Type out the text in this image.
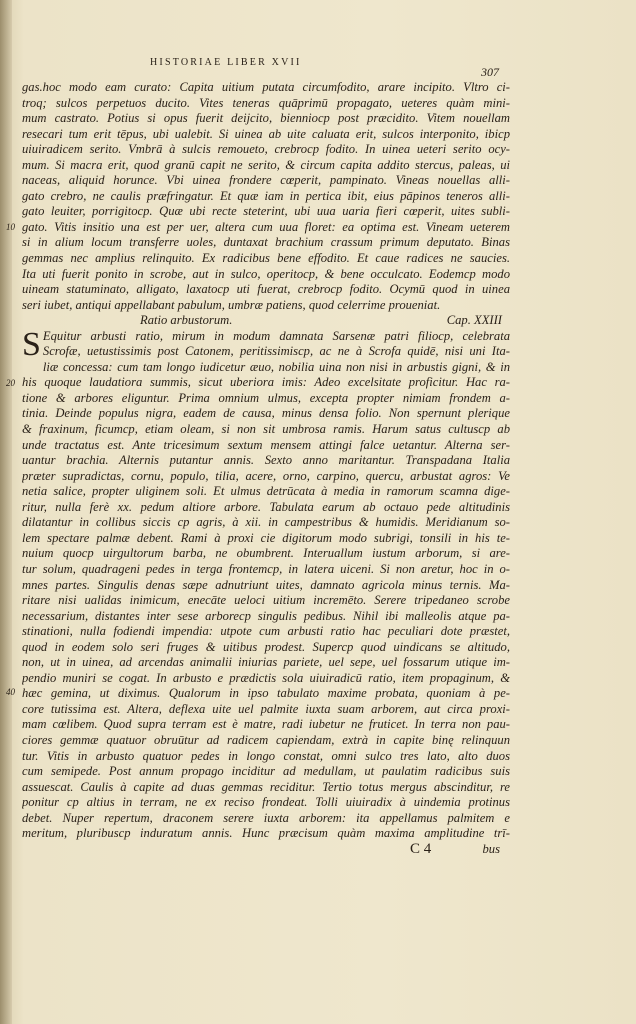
HISTORIAE LIBER XVII
307
10
20
40
gas.hoc modo eam curato: Capita uitium putata circumfodito, arare incipito. Vltro ci-
troq; sulcos perpetuos ducito. Vites teneras quāprimū propagato, ueteres quàm mini-
mum castrato. Potius si opus fuerit deijcito, bienniocp post præcidito. Vitem nouellam
resecari tum erit tēpus, ubi ualebit. Si uinea ab uite caluata erit, sulcos interponito, ibicp
uiuiradicem serito. Vmbrā à sulcis remoueto, crebrocp fodito. In uinea ueteri serito ocy-
mum. Si macra erit, quod granū capit ne serito, & circum capita addito stercus, paleas, ui
naceas, aliquid horunce. Vbi uinea frondere cœperit, pampinato. Vineas nouellas alli-
gato crebro, ne caulis præfringatur. Et quæ iam in pertica ibit, eius pāpinos teneros alli-
gato leuiter, porrigitocp. Quæ ubi recte steterint, ubi uua uaria fieri cœperit, uites subli-
gato. Vitis insitio una est per uer, altera cum uua floret: ea optima est. Vineam ueterem
si in alium locum transferre uoles, duntaxat brachium crassum primum deputato. Binas
gemmas nec amplius relinquito. Ex radicibus bene effodito. Et caue radices ne saucies.
Ita uti fuerit ponito in scrobe, aut in sulco, operitocp, & bene occulcato. Eodemcp modo
uineam statuminato, alligato, laxatocp uti fuerat, crebrocp fodito. Ocymū quod in uinea
seri iubet, antiqui appellabant pabulum, umbræ patiens, quod celerrime proueniat.
Ratio arbustorum.	Cap. XXIII
S Equitur arbusti ratio, mirum in modum damnata Sarsenæ patri filiocp, celebrata
Scrofæ, uetustissimis post Catonem, peritissimiscp, ac ne à Scrofa quidē, nisi uni Ita-
liæ concessa: cum tam longo iudicetur æuo, nobilia uina non nisi in arbustis gigni, & in
his quoque laudatiora summis, sicut uberiora imis: Adeo excelsitate proficitur. Hac ra-
tione & arbores eliguntur. Prima omnium ulmus, excepta propter nimiam frondem a-
tinia. Deinde populus nigra, eadem de causa, minus densa folio. Non spernunt plerique
& fraxinum, ficumcp, etiam oleam, si non sit umbrosa ramis. Harum satus cultuscp ab
unde tractatus est. Ante tricesimum sextum mensem attingi falce uetantur. Alterna ser-
uantur brachia. Alternis putantur annis. Sexto anno maritantur. Transpadana Italia
præter supradictas, cornu, populo, tilia, acere, orno, carpino, quercu, arbustat agros: Ve
netia salice, propter uliginem soli. Et ulmus detrūcata à media in ramorum scamna dige-
ritur, nulla ferè xx. pedum altiore arbore. Tabulata earum ab octauo pede altitudinis
dilatantur in collibus siccis cp agris, à xii. in campestribus & humidis. Meridianum so-
lem spectare palmæ debent. Rami à proxi cie digitorum modo subrigi, tonsili in his te-
nuium quocp uirgultorum barba, ne obumbrent. Interuallum iustum arborum, si are-
tur solum, quadrageni pedes in terga frontemcp, in latera uiceni. Si non aretur, hoc in o-
mnes partes. Singulis denas sæpe adnutriunt uites, damnato agricola minus ternis. Ma-
ritare nisi ualidas inimicum, enecāte ueloci uitium incremēto. Serere tripedaneo scrobe
necessarium, distantes inter sese arborecp singulis pedibus. Nihil ibi malleolis atque pa-
stinationi, nulla fodiendi impendia: utpote cum arbusti ratio hac peculiari dote præstet,
quod in eodem solo seri fruges & uitibus prodest. Supercp quod uindicans se altitudo,
non, ut in uinea, ad arcendas animalii iniurias pariete, uel sepe, uel fossarum utique im-
pendio muniri se cogat. In arbusto e prædictis sola uiuiradicū ratio, item propaginum, &
hæc gemina, ut diximus. Qualorum in ipso tabulato maxime probata, quoniam à pe-
core tutissima est. Altera, deflexa uite uel palmite iuxta suam arborem, aut circa proxi-
mam cœlibem. Quod supra terram est è matre, radi iubetur ne fruticet. In terra non pau-
ciores gemmæ quatuor obruūtur ad radicem capiendam, extrà in capite binę relinquun
tur. Vitis in arbusto quatuor pedes in longo constat, omni sulco tres lato, alto duos
cum semipede. Post annum propago inciditur ad medullam, ut paulatim radicibus suis
assuescat. Caulis à capite ad duas gemmas reciditur. Tertio totus mergus abscinditur, re
ponitur cp altius in terram, ne ex reciso frondeat. Tolli uiuiradix à uindemia protinus
debet. Nuper repertum, draconem serere iuxta arborem: ita appellamus palmitem e
meritum, pluribuscp induratum annis. Hunc præcisum quàm maxima amplitudine trī-
C 4	bus
